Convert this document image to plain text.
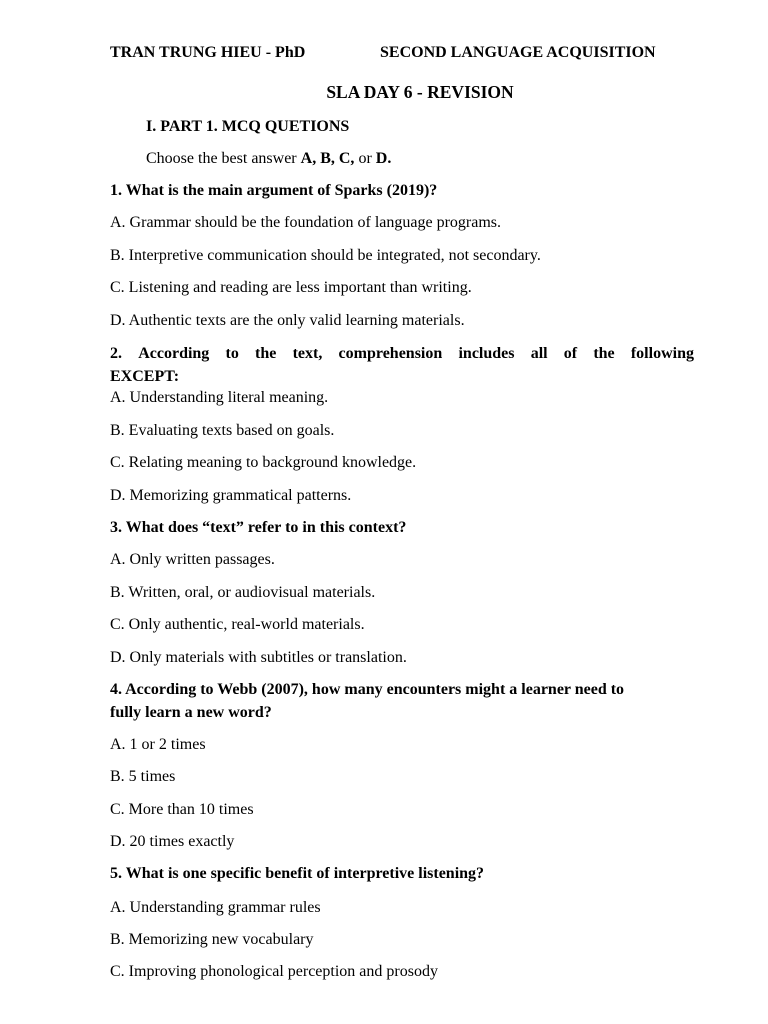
TRAN TRUNG HIEU - PhD	SECOND LANGUAGE ACQUISITION
SLA DAY 6 - REVISION
I. PART 1. MCQ QUETIONS
Choose the best answer A, B, C, or D.
1. What is the main argument of Sparks (2019)?
A. Grammar should be the foundation of language programs.
B. Interpretive communication should be integrated, not secondary.
C. Listening and reading are less important than writing.
D. Authentic texts are the only valid learning materials.
2. According to the text, comprehension includes all of the following
EXCEPT:
A. Understanding literal meaning.
B. Evaluating texts based on goals.
C. Relating meaning to background knowledge.
D. Memorizing grammatical patterns.
3. What does “text” refer to in this context?
A. Only written passages.
B. Written, oral, or audiovisual materials.
C. Only authentic, real-world materials.
D. Only materials with subtitles or translation.
4. According to Webb (2007), how many encounters might a learner need to
fully learn a new word?
A. 1 or 2 times
B. 5 times
C. More than 10 times
D. 20 times exactly
5. What is one specific benefit of interpretive listening?
A. Understanding grammar rules
B. Memorizing new vocabulary
C. Improving phonological perception and prosody
